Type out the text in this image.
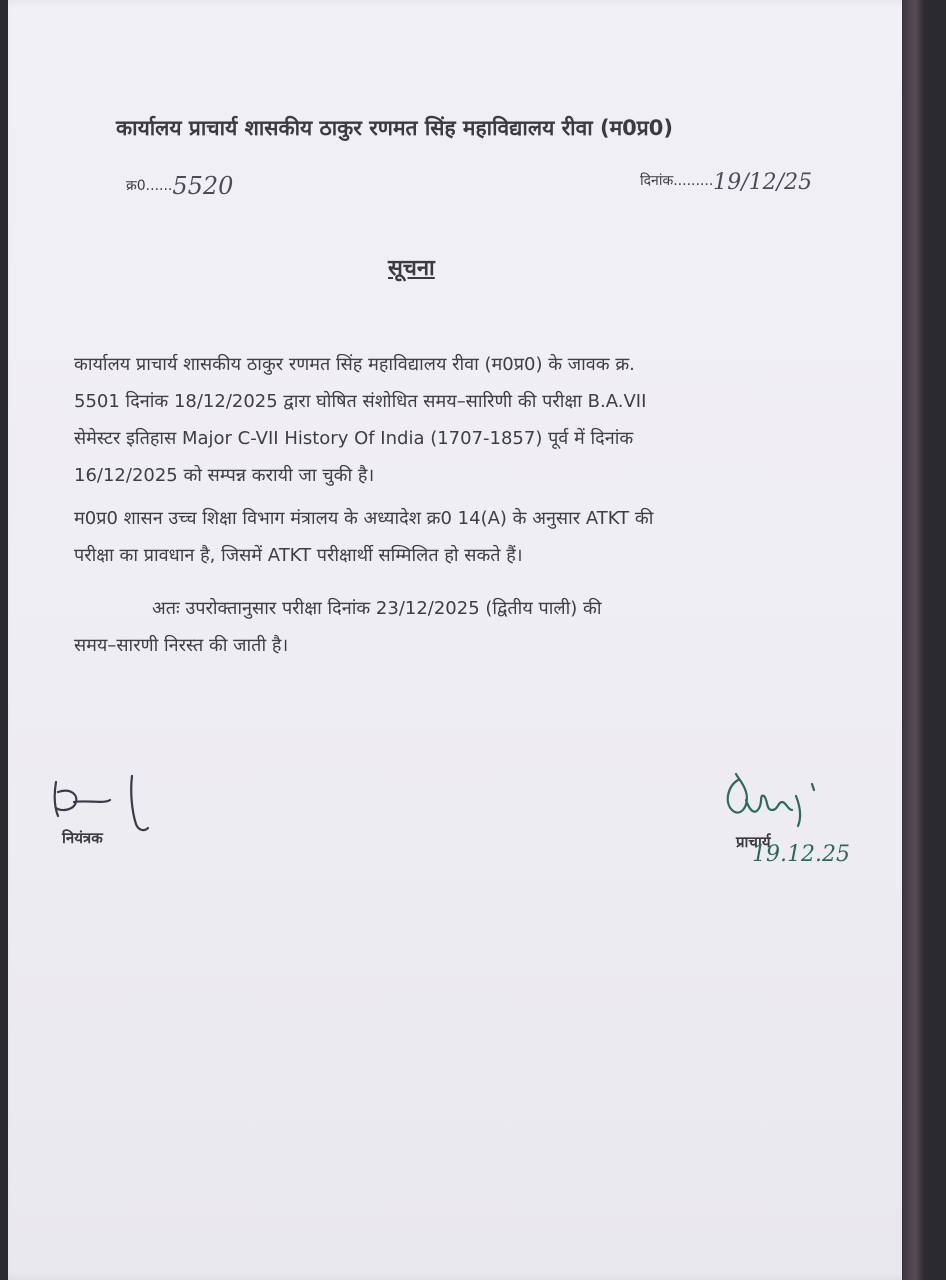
कार्यालय प्राचार्य शासकीय ठाकुर रणमत सिंह महाविद्यालय रीवा (म0प्र0)
क्र0......5520	दिनांक.........19/12/25
सूचना
कार्यालय प्राचार्य शासकीय ठाकुर रणमत सिंह महाविद्यालय रीवा (म0प्र0) के जावक क्र.
5501 दिनांक 18/12/2025 द्वारा घोषित संशोधित समय–सारिणी की परीक्षा B.A.VII
सेमेस्टर इतिहास Major C-VII History Of India (1707-1857) पूर्व में दिनांक
16/12/2025 को सम्पन्न करायी जा चुकी है।
म0प्र0 शासन उच्च शिक्षा विभाग मंत्रालय के अध्यादेश क्र0 14(A) के अनुसार ATKT की
परीक्षा का प्रावधान है, जिसमें ATKT परीक्षार्थी सम्मिलित हो सकते हैं।
अतः उपरोक्तानुसार परीक्षा दिनांक 23/12/2025 (द्वितीय पाली) की
समय–सारणी निरस्त की जाती है।
नियंत्रक	प्राचार्य
19.12.25
